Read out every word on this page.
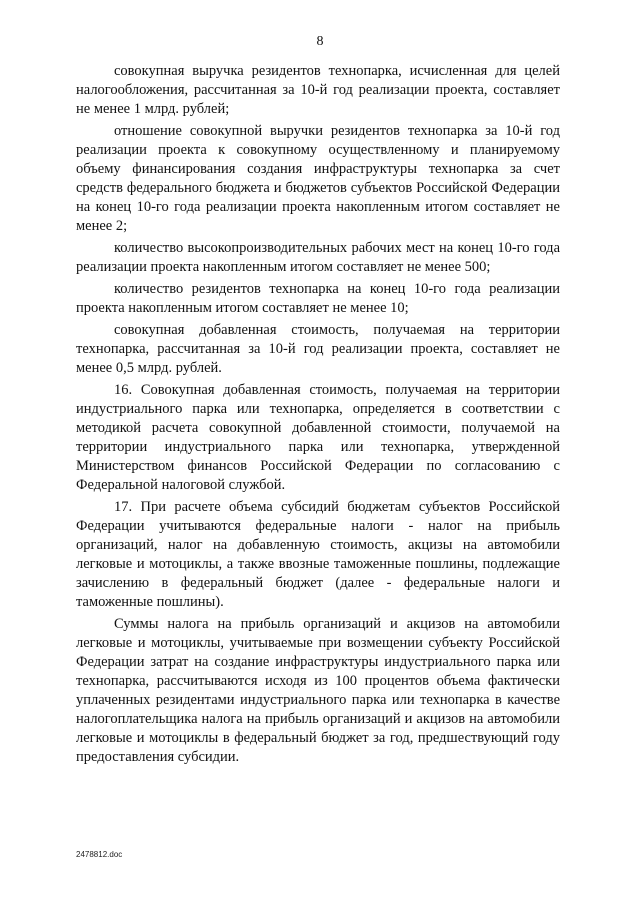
8

совокупная выручка резидентов технопарка, исчисленная для целей налогообложения, рассчитанная за 10-й год реализации проекта, составляет не менее 1 млрд. рублей;

отношение совокупной выручки резидентов технопарка за 10-й год реализации проекта к совокупному осуществленному и планируемому объему финансирования создания инфраструктуры технопарка за счет средств федерального бюджета и бюджетов субъектов Российской Федерации на конец 10-го года реализации проекта накопленным итогом составляет не менее 2;

количество высокопроизводительных рабочих мест на конец 10-го года реализации проекта накопленным итогом составляет не менее 500;

количество резидентов технопарка на конец 10-го года реализации проекта накопленным итогом составляет не менее 10;

совокупная добавленная стоимость, получаемая на территории технопарка, рассчитанная за 10-й год реализации проекта, составляет не менее 0,5 млрд. рублей.

16. Совокупная добавленная стоимость, получаемая на территории индустриального парка или технопарка, определяется в соответствии с методикой расчета совокупной добавленной стоимости, получаемой на территории индустриального парка или технопарка, утвержденной Министерством финансов Российской Федерации по согласованию с Федеральной налоговой службой.

17. При расчете объема субсидий бюджетам субъектов Российской Федерации учитываются федеральные налоги - налог на прибыль организаций, налог на добавленную стоимость, акцизы на автомобили легковые и мотоциклы, а также ввозные таможенные пошлины, подлежащие зачислению в федеральный бюджет (далее - федеральные налоги и таможенные пошлины).

Суммы налога на прибыль организаций и акцизов на автомобили легковые и мотоциклы, учитываемые при возмещении субъекту Российской Федерации затрат на создание инфраструктуры индустриального парка или технопарка, рассчитываются исходя из 100 процентов объема фактически уплаченных резидентами индустриального парка или технопарка в качестве налогоплательщика налога на прибыль организаций и акцизов на автомобили легковые и мотоциклы в федеральный бюджет за год, предшествующий году предоставления субсидии.

2478812.doc
